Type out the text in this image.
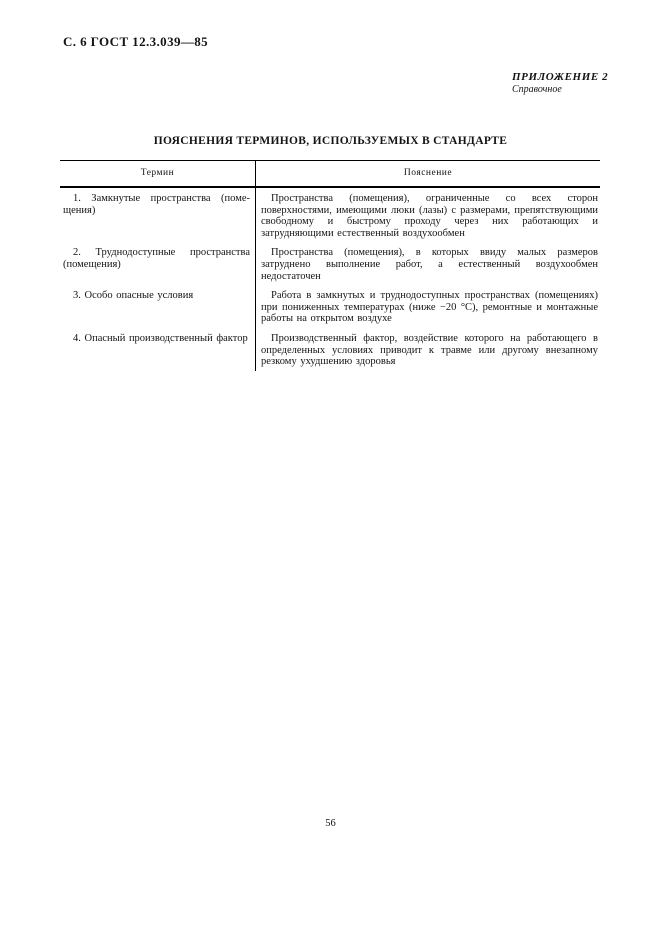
С. 6 ГОСТ 12.3.039—85
ПРИЛОЖЕНИЕ 2
Справочное
ПОЯСНЕНИЯ ТЕРМИНОВ, ИСПОЛЬЗУЕМЫХ В СТАНДАРТЕ
Термин	Пояснение
1. Замкнутые пространства (помещения)	Пространства (помещения), ограниченные со всех сторон поверхностями, имеющими люки (лазы) с размерами, препятствующими свободному и быстрому проходу через них работающих и затрудняющими естественный воздухообмен
2. Труднодоступные пространства (помещения)	Пространства (помещения), в которых ввиду малых размеров затруднено выполнение работ, а естественный воздухообмен недостаточен
3. Особо опасные условия	Работа в замкнутых и труднодоступных пространствах (помещениях) при пониженных температурах (ниже −20 °С), ремонтные и монтажные работы на открытом воздухе
4. Опасный производственный фактор	Производственный фактор, воздействие которого на работающего в определенных условиях приводит к травме или другому внезапному резкому ухудшению здоровья
56
